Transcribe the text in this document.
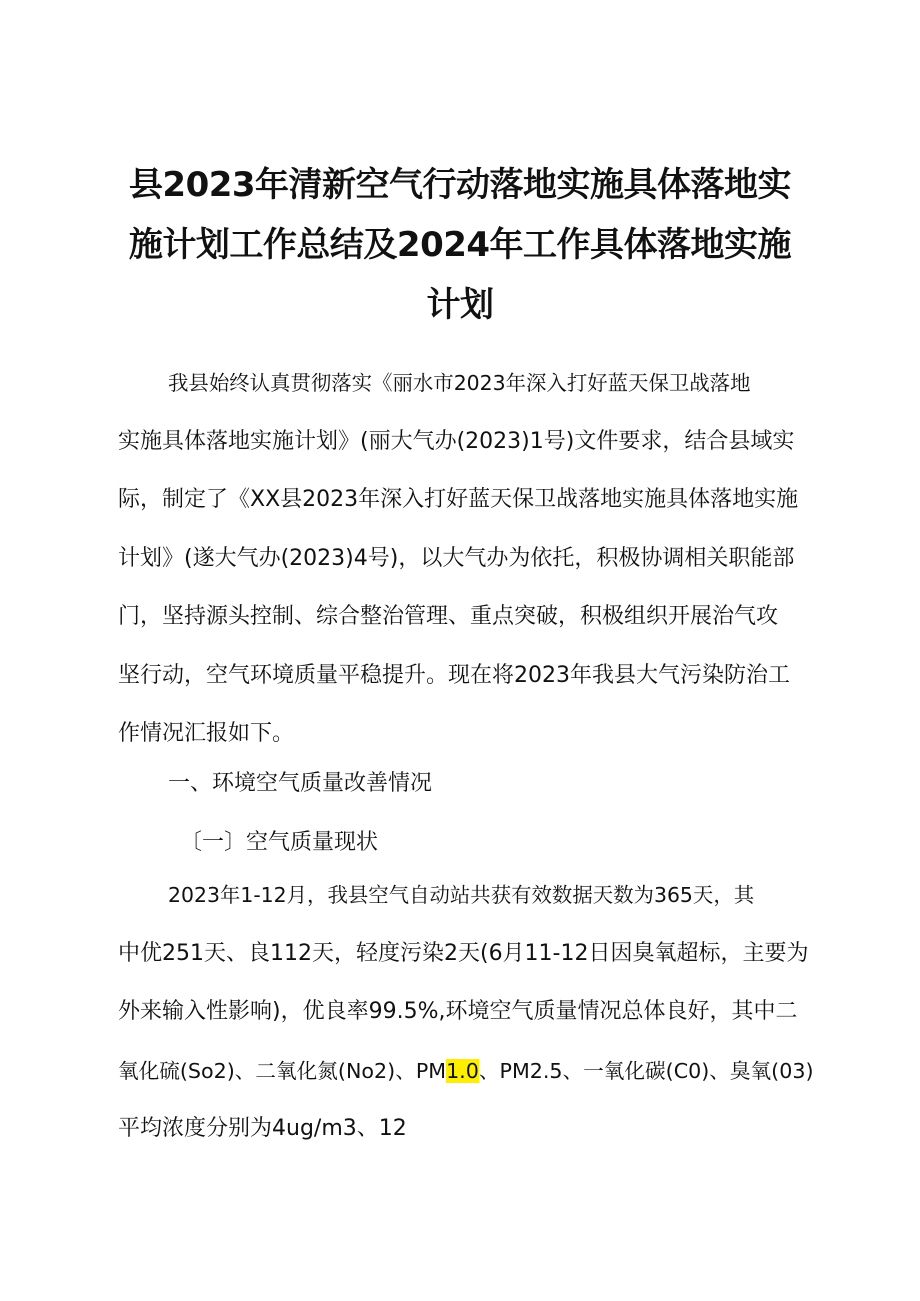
县2023年清新空气行动落地实施具体落地实
施计划工作总结及2024年工作具体落地实施
计划
我县始终认真贯彻落实《丽水市2023年深入打好蓝天保卫战落地
实施具体落地实施计划》(丽大气办(2023)1号)文件要求，结合县域实
际，制定了《XX县2023年深入打好蓝天保卫战落地实施具体落地实施
计划》(遂大气办(2023)4号)，以大气办为依托，积极协调相关职能部
门，坚持源头控制、综合整治管理、重点突破，积极组织开展治气攻
坚行动，空气环境质量平稳提升。现在将2023年我县大气污染防治工
作情况汇报如下。
一、环境空气质量改善情况
〔一〕空气质量现状
2023年1-12月，我县空气自动站共获有效数据天数为365天，其
中优251天、良112天，轻度污染2天(6月11-12日因臭氧超标，主要为
外来输入性影响)，优良率99.5%,环境空气质量情况总体良好，其中二
氧化硫(So2)、二氧化氮(No2)、PM1.0、PM2.5、一氧化碳(C0)、臭氧(03)
平均浓度分别为4ug/m3、12
